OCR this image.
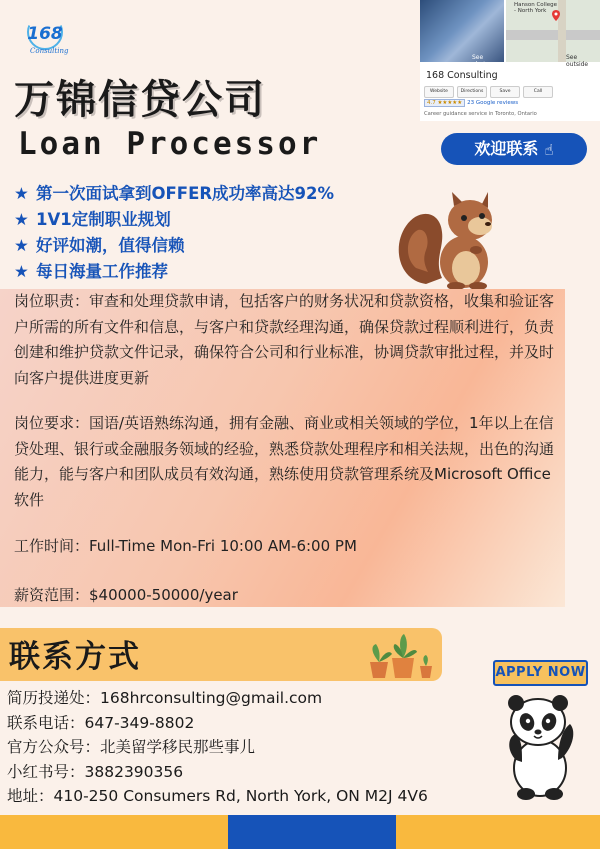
168
Consulting
万锦信贷公司
Loan Processor
See photos
Hanson College
- North York
See outside
168 Consulting
Website	Directions	Save	Call
4.7 ★★★★★ 23 Google reviews
Career guidance service in Toronto, Ontario
欢迎联系 ☝
★ 第一次面试拿到OFFER成功率高达92%
★ 1V1定制职业规划
★ 好评如潮，值得信赖
★ 每日海量工作推荐
岗位职责：审查和处理贷款申请，包括客户的财务状况和贷款资格，收集和验证客户所需的所有文件和信息，与客户和贷款经理沟通，确保贷款过程顺利进行，负责创建和维护贷款文件记录，确保符合公司和行业标准，协调贷款审批过程，并及时向客户提供进度更新
岗位要求：国语/英语熟练沟通，拥有金融、商业或相关领域的学位，1年以上在信贷处理、银行或金融服务领域的经验，熟悉贷款处理程序和相关法规，出色的沟通能力，能与客户和团队成员有效沟通，熟练使用贷款管理系统及Microsoft Office软件
工作时间：Full-Time Mon-Fri 10:00 AM-6:00 PM
薪资范围：$40000-50000/year
联系方式	APPLY NOW
简历投递处：168hrconsulting@gmail.com
联系电话：647-349-8802
官方公众号：北美留学移民那些事儿
小红书号：3882390356
地址：410-250 Consumers Rd, North York, ON M2J 4V6
